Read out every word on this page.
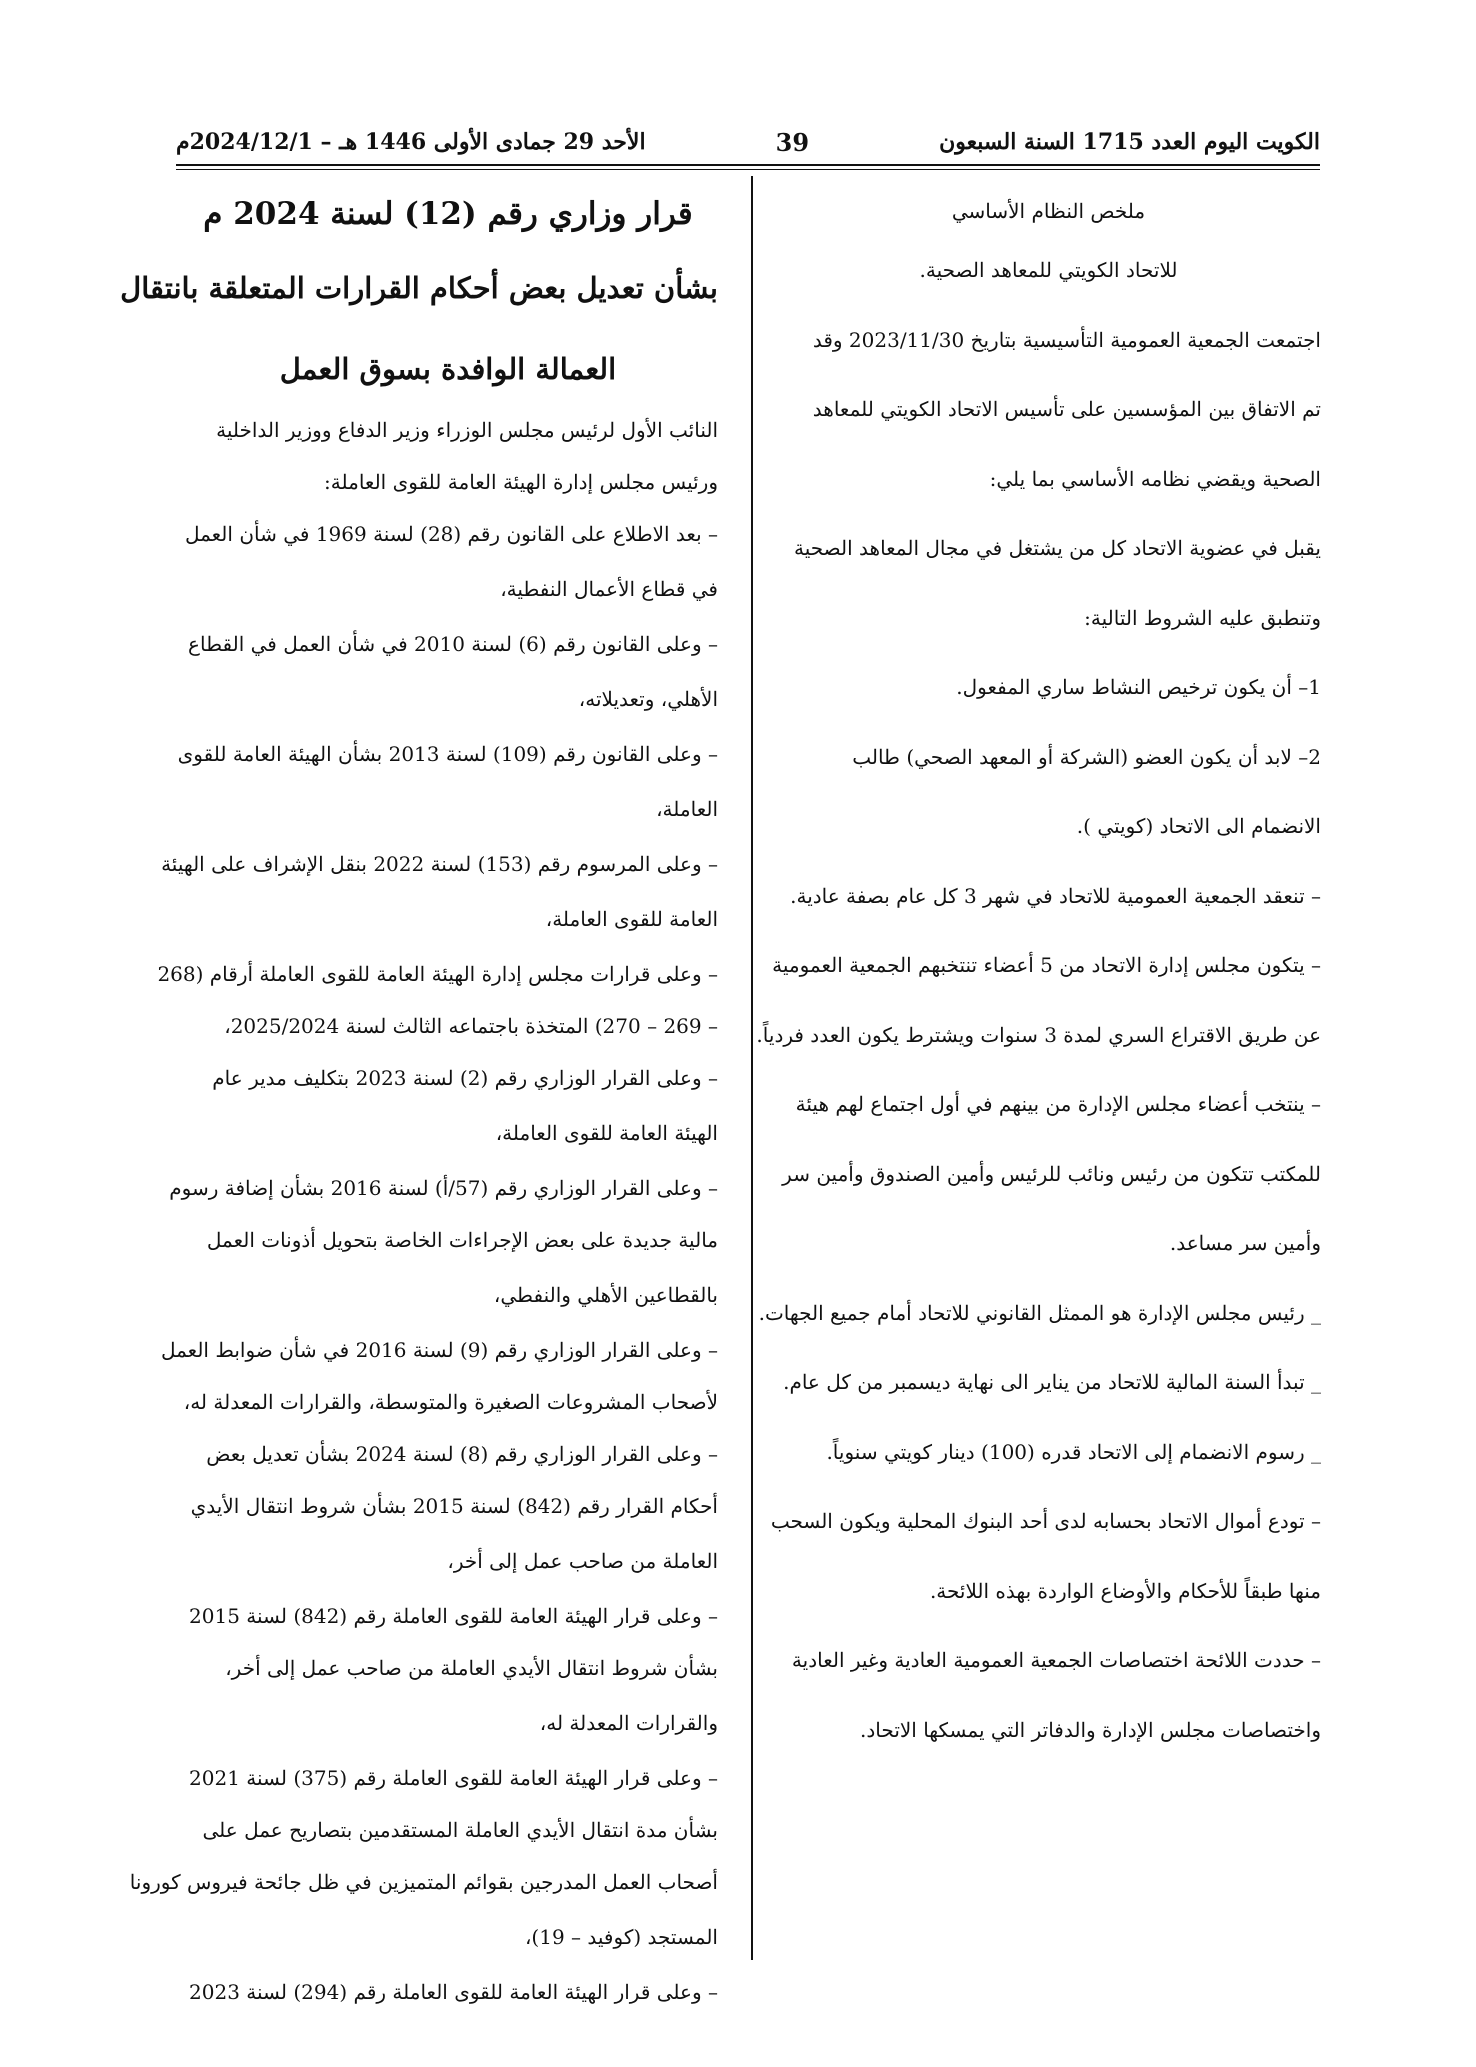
الكويت اليوم العدد 1715 السنة السبعون
39
الأحد 29 جمادى الأولى 1446 هـ – 2024/12/1م
ملخص النظام الأساسي
للاتحاد الكويتي للمعاهد الصحية.
اجتمعت الجمعية العمومية التأسيسية بتاريخ 2023/11/30 وقد
تم الاتفاق بين المؤسسين على تأسيس الاتحاد الكويتي للمعاهد
الصحية ويقضي نظامه الأساسي بما يلي:
يقبل في عضوية الاتحاد كل من يشتغل في مجال المعاهد الصحية
وتنطبق عليه الشروط التالية:
1– أن يكون ترخيص النشاط ساري المفعول.
2– لابد أن يكون العضو (الشركة أو المعهد الصحي) طالب
الانضمام الى الاتحاد (كويتي ).
– تنعقد الجمعية العمومية للاتحاد في شهر 3 كل عام بصفة عادية.
– يتكون مجلس إدارة الاتحاد من 5 أعضاء تنتخبهم الجمعية العمومية
عن طريق الاقتراع السري لمدة 3 سنوات ويشترط يكون العدد فردياً.
– ينتخب أعضاء مجلس الإدارة من بينهم في أول اجتماع لهم هيئة
للمكتب تتكون من رئيس ونائب للرئيس وأمين الصندوق وأمين سر
وأمين سر مساعد.
_ رئيس مجلس الإدارة هو الممثل القانوني للاتحاد أمام جميع الجهات.
_ تبدأ السنة المالية للاتحاد من يناير الى نهاية ديسمبر من كل عام.
_ رسوم الانضمام إلى الاتحاد قدره (100) دينار كويتي سنوياً.
– تودع أموال الاتحاد بحسابه لدى أحد البنوك المحلية ويكون السحب
منها طبقاً للأحكام والأوضاع الواردة بهذه اللائحة.
– حددت اللائحة اختصاصات الجمعية العمومية العادية وغير العادية
واختصاصات مجلس الإدارة والدفاتر التي يمسكها الاتحاد.
قرار وزاري رقم (12) لسنة 2024 م
بشأن تعديل بعض أحكام القرارات المتعلقة بانتقال
العمالة الوافدة بسوق العمل
النائب الأول لرئيس مجلس الوزراء وزير الدفاع ووزير الداخلية
ورئيس مجلس إدارة الهيئة العامة للقوى العاملة:
– بعد الاطلاع على القانون رقم (28) لسنة 1969 في شأن العمل
في قطاع الأعمال النفطية،
– وعلى القانون رقم (6) لسنة 2010 في شأن العمل في القطاع
الأهلي، وتعديلاته،
– وعلى القانون رقم (109) لسنة 2013 بشأن الهيئة العامة للقوى
العاملة،
– وعلى المرسوم رقم (153) لسنة 2022 بنقل الإشراف على الهيئة
العامة للقوى العاملة،
– وعلى قرارات مجلس إدارة الهيئة العامة للقوى العاملة أرقام (268
– 269 – 270) المتخذة باجتماعه الثالث لسنة 2025/2024،
– وعلى القرار الوزاري رقم (2) لسنة 2023 بتكليف مدير عام
الهيئة العامة للقوى العاملة،
– وعلى القرار الوزاري رقم (57/أ) لسنة 2016 بشأن إضافة رسوم
مالية جديدة على بعض الإجراءات الخاصة بتحويل أذونات العمل
بالقطاعين الأهلي والنفطي،
– وعلى القرار الوزاري رقم (9) لسنة 2016 في شأن ضوابط العمل
لأصحاب المشروعات الصغيرة والمتوسطة، والقرارات المعدلة له،
– وعلى القرار الوزاري رقم (8) لسنة 2024 بشأن تعديل بعض
أحكام القرار رقم (842) لسنة 2015 بشأن شروط انتقال الأيدي
العاملة من صاحب عمل إلى أخر،
– وعلى قرار الهيئة العامة للقوى العاملة رقم (842) لسنة 2015
بشأن شروط انتقال الأيدي العاملة من صاحب عمل إلى أخر،
والقرارات المعدلة له،
– وعلى قرار الهيئة العامة للقوى العاملة رقم (375) لسنة 2021
بشأن مدة انتقال الأيدي العاملة المستقدمين بتصاريح عمل على
أصحاب العمل المدرجين بقوائم المتميزين في ظل جائحة فيروس كورونا
المستجد (كوفيد – 19)،
– وعلى قرار الهيئة العامة للقوى العاملة رقم (294) لسنة 2023
